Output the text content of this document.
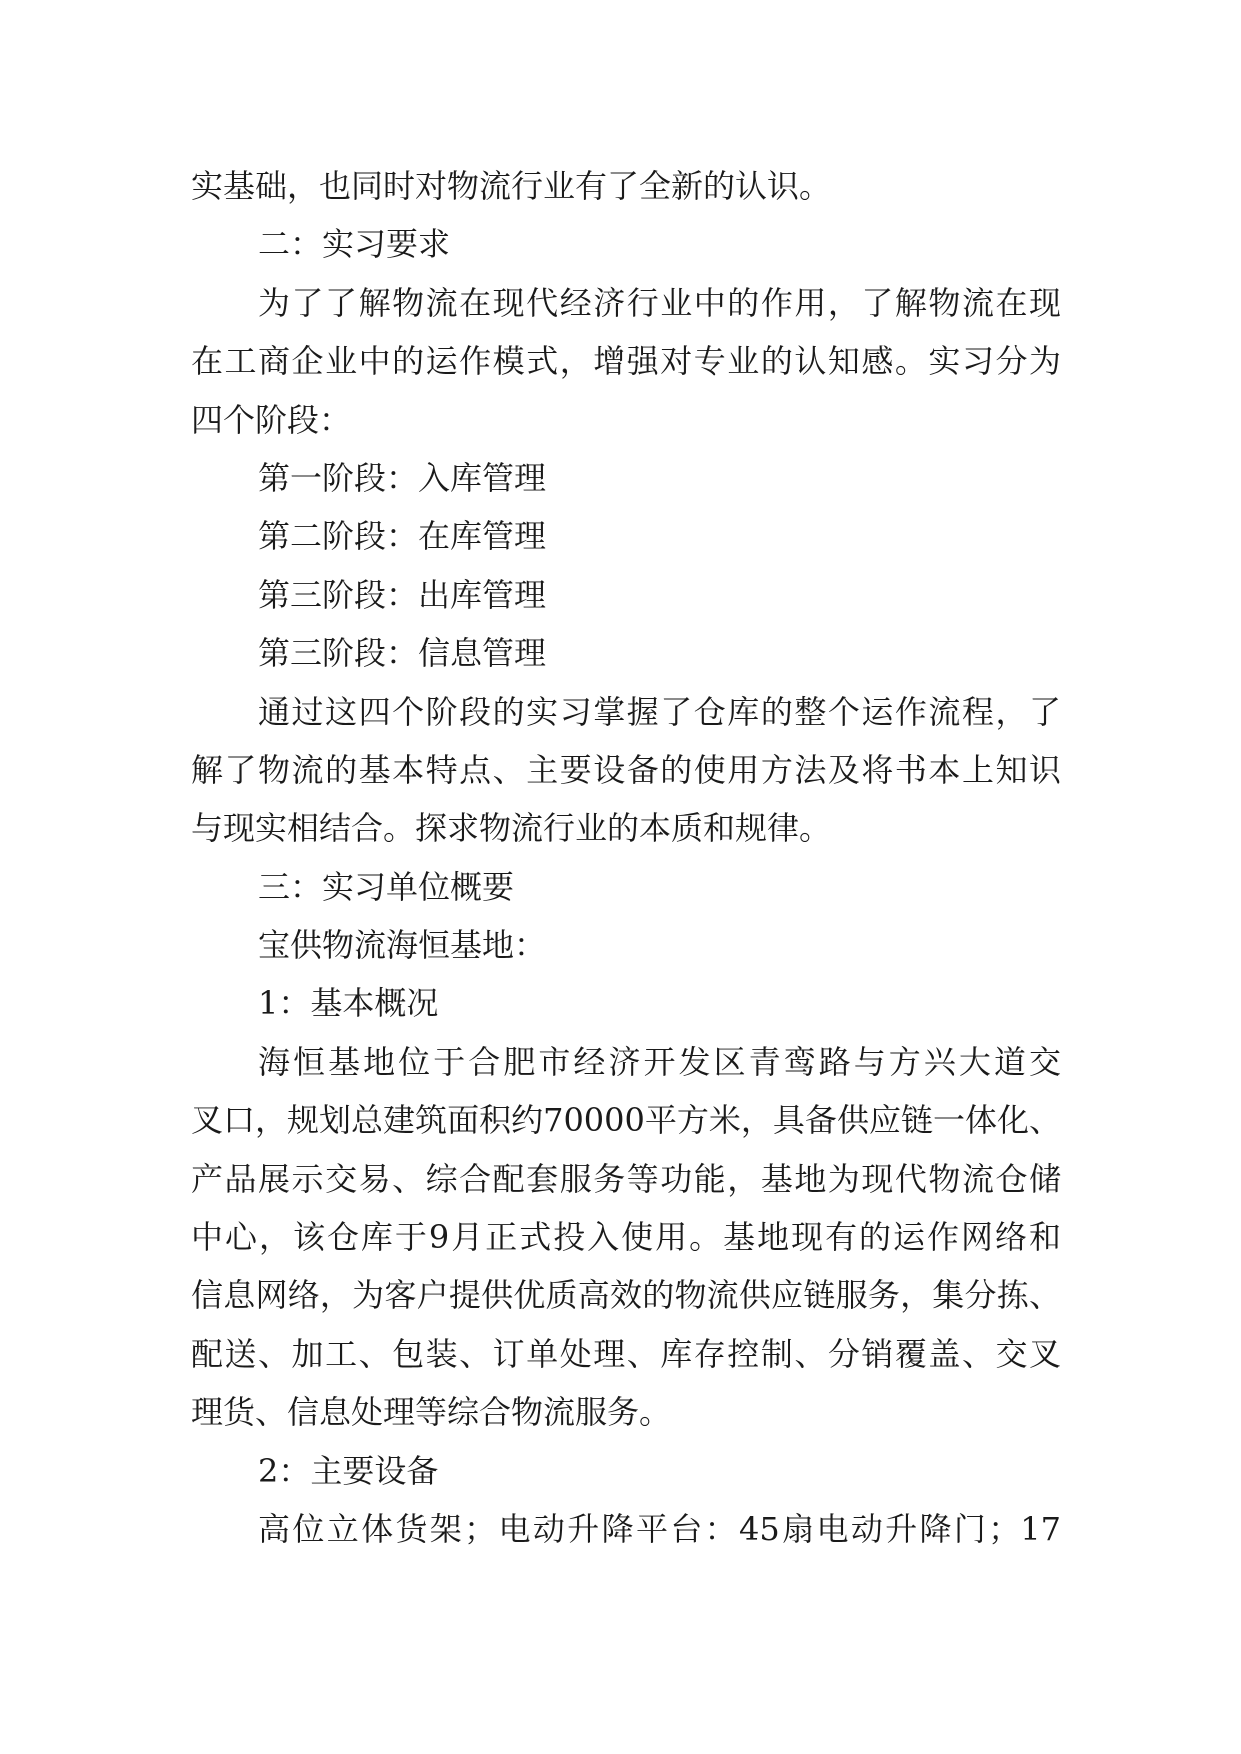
实基础，也同时对物流行业有了全新的认识。
二：实习要求
为了了解物流在现代经济行业中的作用，了解物流在现
在工商企业中的运作模式，增强对专业的认知感。实习分为
四个阶段：
第一阶段：入库管理
第二阶段：在库管理
第三阶段：出库管理
第三阶段：信息管理
通过这四个阶段的实习掌握了仓库的整个运作流程，了
解了物流的基本特点、主要设备的使用方法及将书本上知识
与现实相结合。探求物流行业的本质和规律。
三：实习单位概要
宝供物流海恒基地：
1：基本概况
海恒基地位于合肥市经济开发区青鸾路与方兴大道交
叉口，规划总建筑面积约70000平方米，具备供应链一体化、
产品展示交易、综合配套服务等功能，基地为现代物流仓储
中心，该仓库于9月正式投入使用。基地现有的运作网络和
信息网络，为客户提供优质高效的物流供应链服务，集分拣、
配送、加工、包装、订单处理、库存控制、分销覆盖、交叉
理货、信息处理等综合物流服务。
2：主要设备
高位立体货架；电动升降平台：45扇电动升降门；17
